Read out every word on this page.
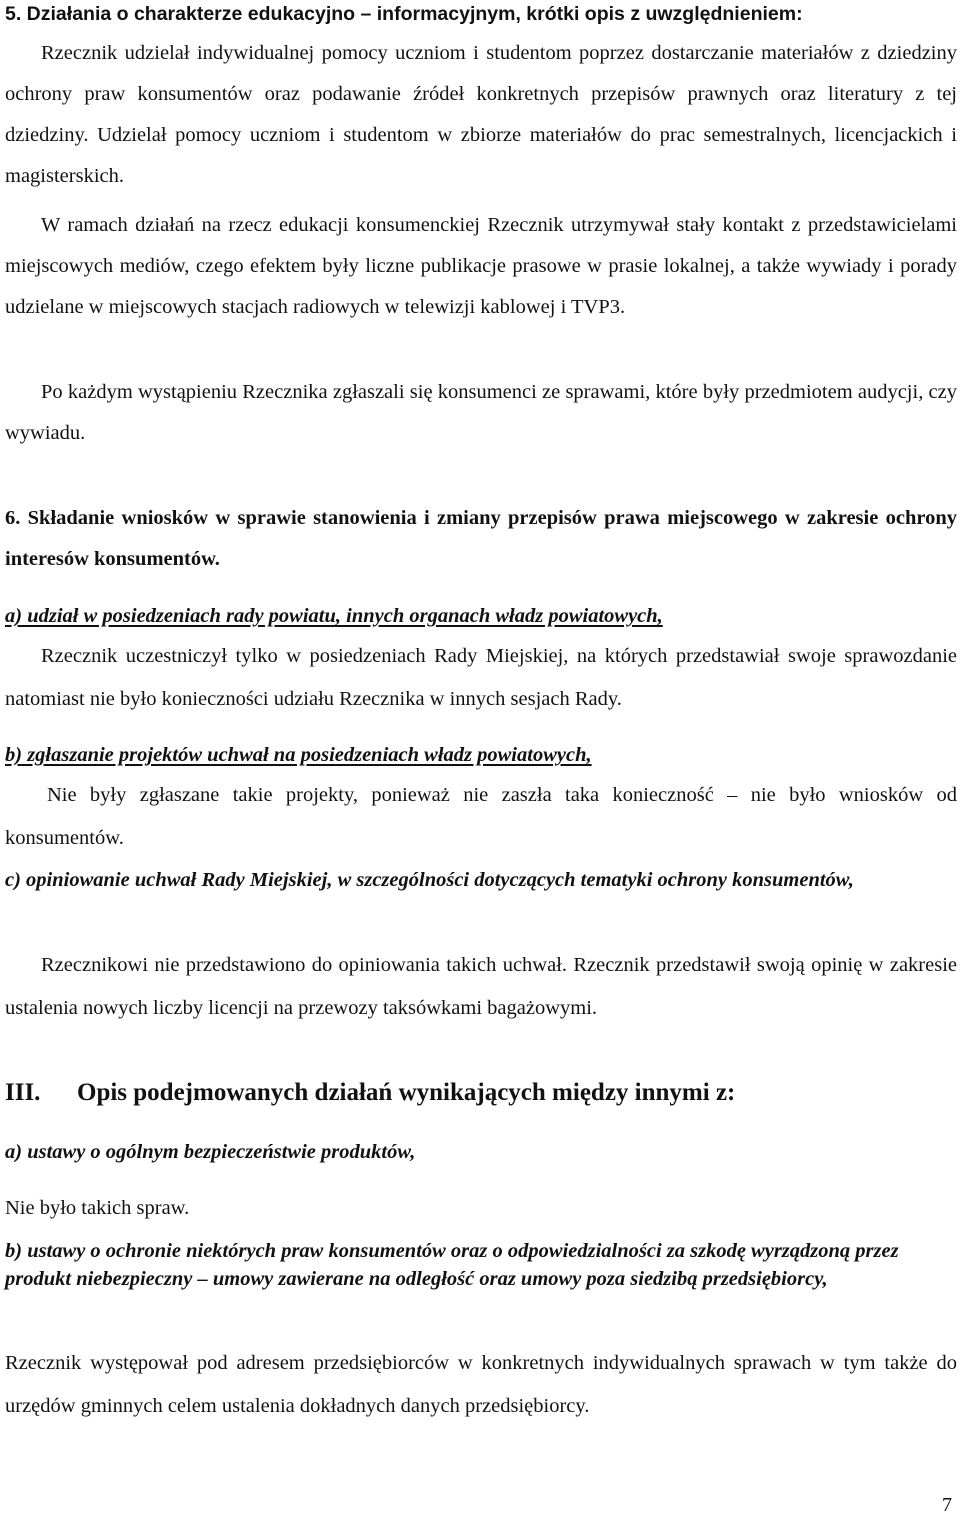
5. Działania o charakterze edukacyjno – informacyjnym, krótki opis z uwzględnieniem:

Rzecznik udzielał indywidualnej pomocy uczniom i studentom poprzez dostarczanie materiałów z dziedziny ochrony praw konsumentów oraz podawanie źródeł konkretnych przepisów prawnych oraz literatury z tej dziedziny. Udzielał pomocy uczniom i studentom w zbiorze materiałów do prac semestralnych, licencjackich i magisterskich.

W ramach działań na rzecz edukacji konsumenckiej Rzecznik utrzymywał stały kontakt z przedstawicielami miejscowych mediów, czego efektem były liczne publikacje prasowe w prasie lokalnej, a także wywiady i porady udzielane w miejscowych stacjach radiowych w telewizji kablowej i TVP3.

Po każdym wystąpieniu Rzecznika zgłaszali się konsumenci ze sprawami, które były przedmiotem audycji, czy wywiadu.

6. Składanie wniosków w sprawie stanowienia i zmiany przepisów prawa miejscowego w zakresie ochrony interesów konsumentów.

a) udział w posiedzeniach rady powiatu, innych organach władz powiatowych,

Rzecznik uczestniczył tylko w posiedzeniach Rady Miejskiej, na których przedstawiał swoje sprawozdanie natomiast nie było konieczności udziału Rzecznika w innych sesjach Rady.

b) zgłaszanie projektów uchwał na posiedzeniach władz powiatowych,

Nie były zgłaszane takie projekty, ponieważ nie zaszła taka konieczność – nie było wniosków od konsumentów.

c) opiniowanie uchwał Rady Miejskiej, w szczególności dotyczących tematyki ochrony konsumentów,

Rzecznikowi nie przedstawiono do opiniowania takich uchwał. Rzecznik przedstawił swoją opinię w zakresie ustalenia nowych liczby licencji na przewozy taksówkami bagażowymi.

III. Opis podejmowanych działań wynikających między innymi z:

a) ustawy o ogólnym bezpieczeństwie produktów,

Nie było takich spraw.

b) ustawy o ochronie niektórych praw konsumentów oraz o odpowiedzialności za szkodę wyrządzoną przez produkt niebezpieczny – umowy zawierane na odległość oraz umowy poza siedzibą przedsiębiorcy,

Rzecznik występował pod adresem przedsiębiorców w konkretnych indywidualnych sprawach w tym także do urzędów gminnych celem ustalenia dokładnych danych przedsiębiorcy.

7
